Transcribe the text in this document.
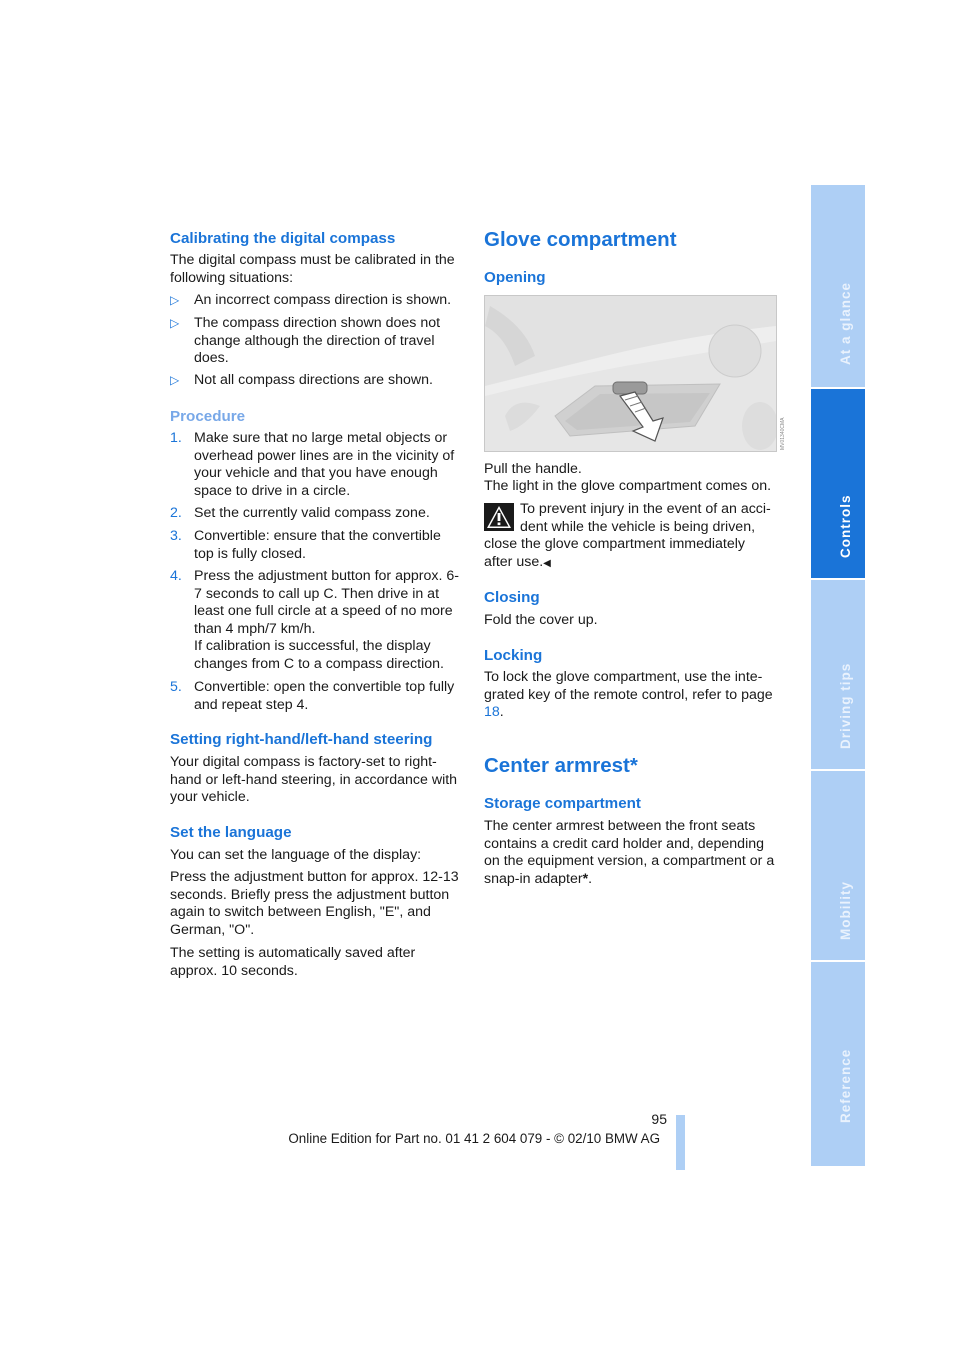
Calibrating the digital compass
The digital compass must be calibrated in the following situations:
▷ An incorrect compass direction is shown.
▷ The compass direction shown does not change although the direction of travel does.
▷ Not all compass directions are shown.
Procedure
1. Make sure that no large metal objects or overhead power lines are in the vicinity of your vehicle and that you have enough space to drive in a circle.
2. Set the currently valid compass zone.
3. Convertible: ensure that the convertible top is fully closed.
4. Press the adjustment button for approx. 6-7 seconds to call up C. Then drive in at least one full circle at a speed of no more than 4 mph/7 km/h.
If calibration is successful, the display changes from C to a compass direction.
5. Convertible: open the convertible top fully and repeat step 4.
Setting right-hand/left-hand steering
Your digital compass is factory-set to right-hand or left-hand steering, in accordance with your vehicle.
Set the language
You can set the language of the display:
Press the adjustment button for approx. 12-13 seconds. Briefly press the adjustment button again to switch between English, "E", and German, "O".
The setting is automatically saved after approx. 10 seconds.
Glove compartment
Opening
MV01340CMA
Pull the handle.
The light in the glove compartment comes on.
To prevent injury in the event of an acci-dent while the vehicle is being driven, close the glove compartment immediately after use.◀
Closing
Fold the cover up.
Locking
To lock the glove compartment, use the inte-grated key of the remote control, refer to page 18.
Center armrest*
Storage compartment
The center armrest between the front seats contains a credit card holder and, depending on the equipment version, a compartment or a snap-in adapter*.
At a glance
Controls
Driving tips
Mobility
Reference
95
Online Edition for Part no. 01 41 2 604 079 - © 02/10 BMW AG
